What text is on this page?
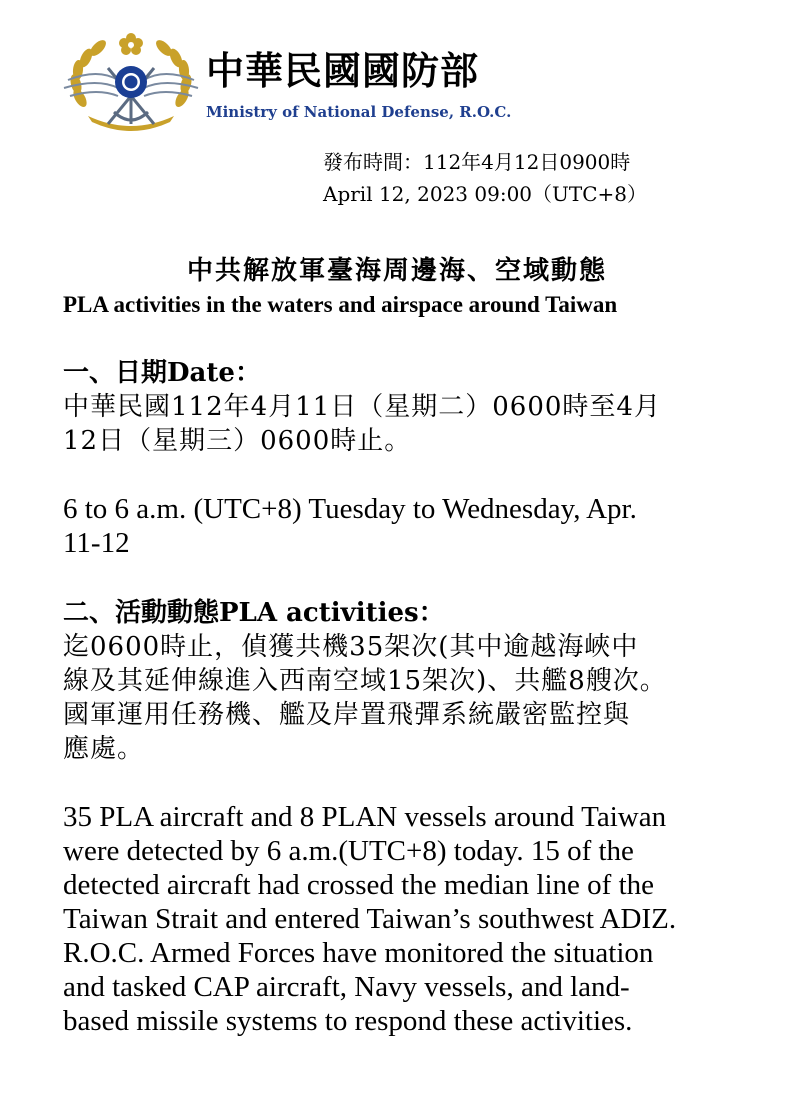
中華民國國防部
Ministry of National Defense, R.O.C.
發布時間：112年4月12日0900時
April 12, 2023 09:00（UTC+8）
中共解放軍臺海周邊海、空域動態
PLA activities in the waters and airspace around Taiwan
一、日期Date：
中華民國112年4月11日（星期二）0600時至4月
12日（星期三）0600時止。
6 to 6 a.m. (UTC+8) Tuesday to Wednesday, Apr.
11-12
二、活動動態PLA activities：
迄0600時止，偵獲共機35架次(其中逾越海峽中
線及其延伸線進入西南空域15架次)、共艦8艘次。
國軍運用任務機、艦及岸置飛彈系統嚴密監控與
應處。
35 PLA aircraft and 8 PLAN vessels around Taiwan
were detected by 6 a.m.(UTC+8) today. 15 of the
detected aircraft had crossed the median line of the
Taiwan Strait and entered Taiwan’s southwest ADIZ.
R.O.C. Armed Forces have monitored the situation
and tasked CAP aircraft, Navy vessels, and land-
based missile systems to respond these activities.
